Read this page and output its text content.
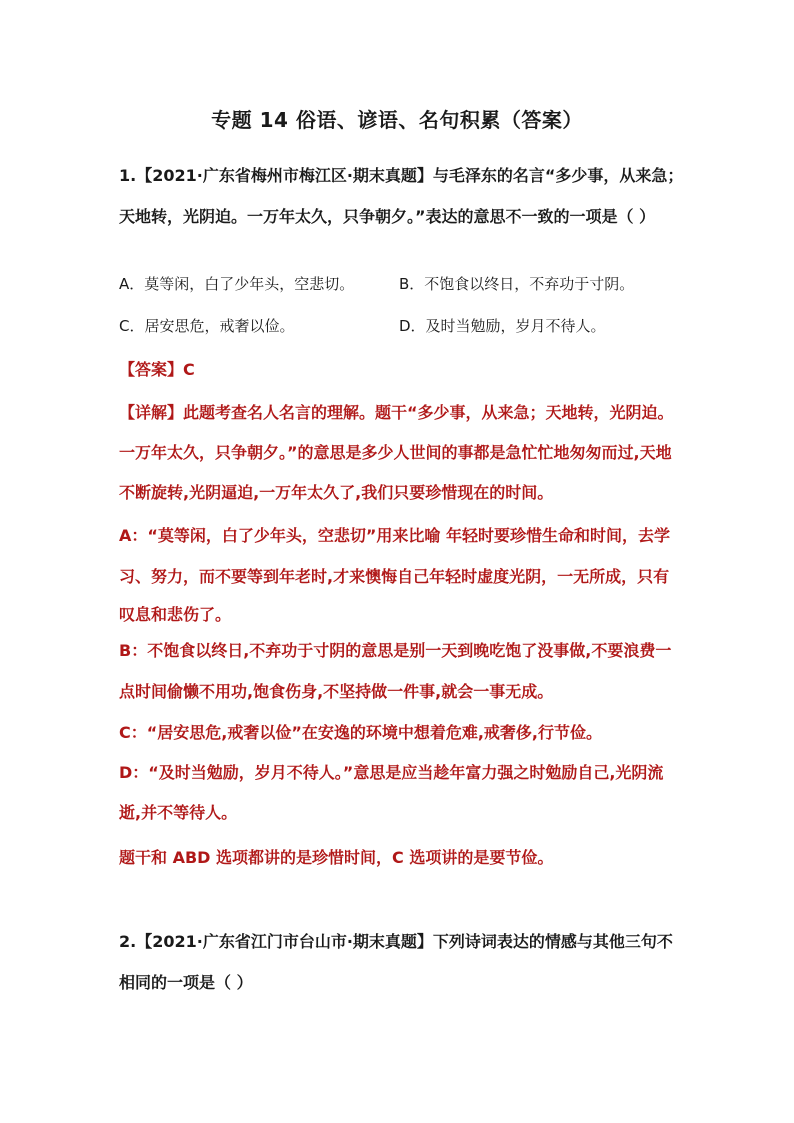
专题 14 俗语、谚语、名句积累（答案）
1.【2021·广东省梅州市梅江区·期末真题】与毛泽东的名言“多少事，从来急；
天地转，光阴迫。一万年太久，只争朝夕。”表达的意思不一致的一项是（ ）
A．莫等闲，白了少年头，空悲切。	B．不饱食以终日，不弃功于寸阴。
C．居安思危，戒奢以俭。	D．及时当勉励，岁月不待人。
【答案】C
【详解】此题考查名人名言的理解。题干“多少事，从来急；天地转，光阴迫。
一万年太久，只争朝夕。”的意思是多少人世间的事都是急忙忙地匆匆而过,天地
不断旋转,光阴逼迫,一万年太久了,我们只要珍惜现在的时间。
A：“莫等闲，白了少年头，空悲切”用来比喻 年轻时要珍惜生命和时间，去学
习、努力，而不要等到年老时,才来懊悔自己年轻时虚度光阴，一无所成，只有
叹息和悲伤了。
B：不饱食以终日,不弃功于寸阴的意思是别一天到晚吃饱了没事做,不要浪费一
点时间偷懒不用功,饱食伤身,不坚持做一件事,就会一事无成。
C：“居安思危,戒奢以俭”在安逸的环境中想着危难,戒奢侈,行节俭。
D：“及时当勉励，岁月不待人。”意思是应当趁年富力强之时勉励自己,光阴流
逝,并不等待人。
题干和 ABD 选项都讲的是珍惜时间，C 选项讲的是要节俭。
2.【2021·广东省江门市台山市·期末真题】下列诗词表达的情感与其他三句不
相同的一项是（ ）
